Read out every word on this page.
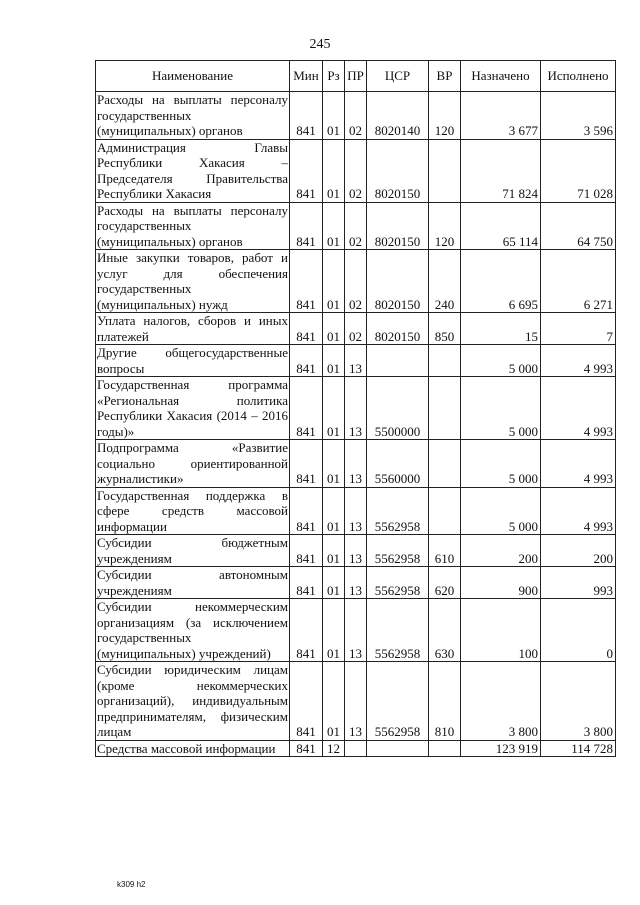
245
Наименование	Мин	Рз	ПР	ЦСР	ВР	Назначено	Исполнено
Расходы на выплаты персоналу государственных (муниципальных) органов	841	01	02	8020140	120	3 677	3 596
Администрация Главы Республики Хакасия – Председателя Правительства Республики Хакасия	841	01	02	8020150		71 824	71 028
Расходы на выплаты персоналу государственных (муниципальных) органов	841	01	02	8020150	120	65 114	64 750
Иные закупки товаров, работ и услуг для обеспечения государственных (муниципальных) нужд	841	01	02	8020150	240	6 695	6 271
Уплата налогов, сборов и иных платежей	841	01	02	8020150	850	15	7
Другие общегосударственные вопросы	841	01	13			5 000	4 993
Государственная программа «Региональная политика Республики Хакасия (2014 – 2016 годы)»	841	01	13	5500000		5 000	4 993
Подпрограмма «Развитие социально ориентированной журналистики»	841	01	13	5560000		5 000	4 993
Государственная поддержка в сфере средств массовой информации	841	01	13	5562958		5 000	4 993
Субсидии бюджетным учреждениям	841	01	13	5562958	610	200	200
Субсидии автономным учреждениям	841	01	13	5562958	620	900	993
Субсидии некоммерческим организациям (за исключением государственных (муниципальных) учреждений)	841	01	13	5562958	630	100	0
Субсидии юридическим лицам (кроме некоммерческих организаций), индивидуальным предпринимателям, физическим лицам	841	01	13	5562958	810	3 800	3 800
Средства массовой информации	841	12				123 919	114 728
k309 h2
